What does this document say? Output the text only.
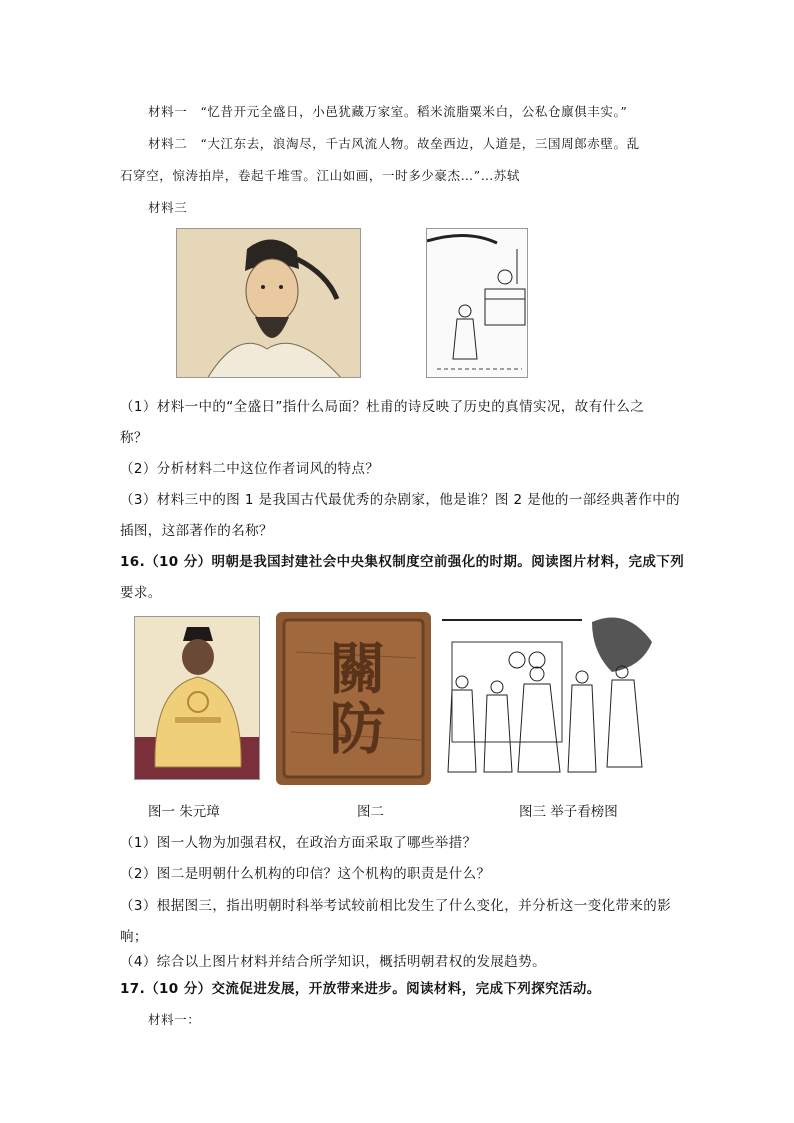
材料一　“忆昔开元全盛日，小邑犹藏万家室。稻米流脂粟米白，公私仓廪俱丰实。”
材料二　“大江东去，浪淘尽，千古风流人物。故垒西边，人道是，三国周郎赤壁。乱
石穿空，惊涛拍岸，卷起千堆雪。江山如画，一时多少豪杰…”…苏轼
材料三
（1）材料一中的“全盛日”指什么局面？杜甫的诗反映了历史的真情实况，故有什么之
称？
（2）分析材料二中这位作者词风的特点？
（3）材料三中的图 1 是我国古代最优秀的杂剧家，他是谁？图 2 是他的一部经典著作中的
插图，这部著作的名称？
16.（10 分）明朝是我国封建社会中央集权制度空前强化的时期。阅读图片材料，完成下列
要求。
關防
图一 朱元璋	图二	图三 举子看榜图
（1）图一人物为加强君权，在政治方面采取了哪些举措？
（2）图二是明朝什么机构的印信？这个机构的职责是什么？
（3）根据图三，指出明朝时科举考试较前相比发生了什么变化，并分析这一变化带来的影
响；
（4）综合以上图片材料并结合所学知识，概括明朝君权的发展趋势。
17.（10 分）交流促进发展，开放带来进步。阅读材料，完成下列探究活动。
材料一：
